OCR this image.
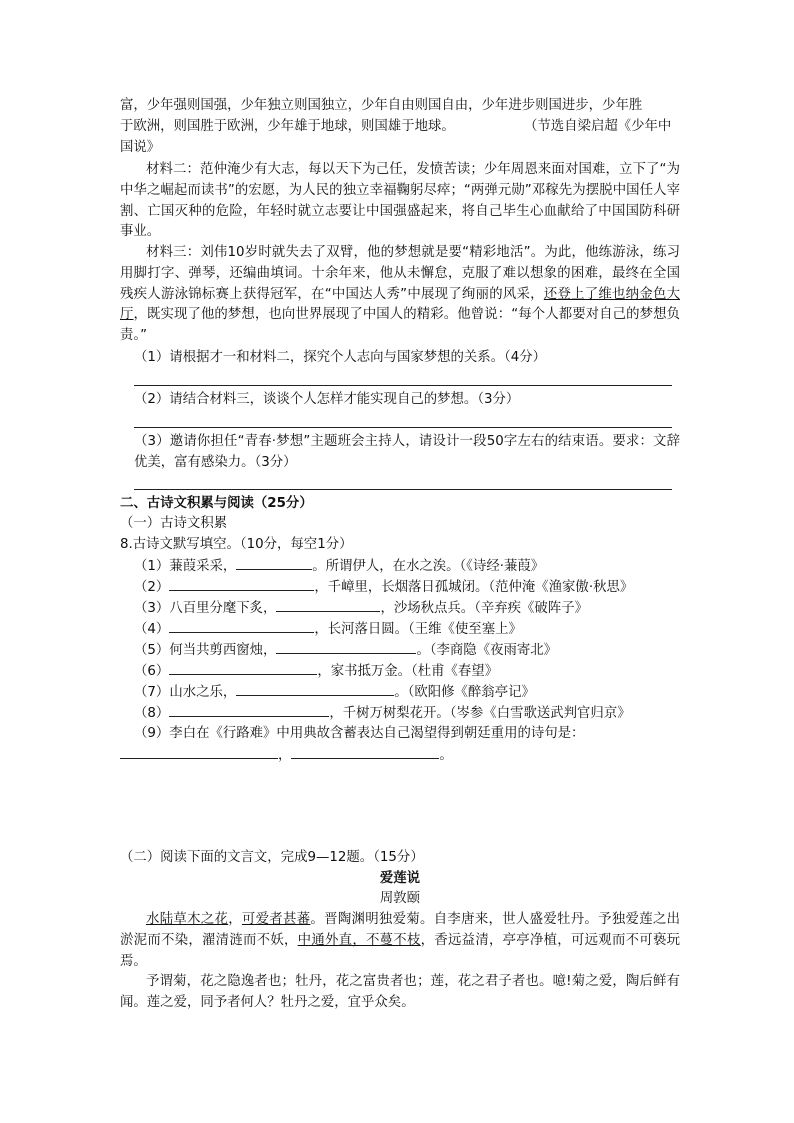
富，少年强则国强，少年独立则国独立，少年自由则国自由，少年进步则国进步，少年胜
于欧洲，则国胜于欧洲，少年雄于地球，则国雄于地球。	（节选自梁启超《少年中
国说》
材料二：范仲淹少有大志，每以天下为己任，发愤苦读；少年周恩来面对国难，立下了“为中华之崛起而读书”的宏愿，为人民的独立幸福鞠躬尽瘁；“两弹元勋”邓稼先为摆脱中国任人宰割、亡国灭种的危险，年轻时就立志要让中国强盛起来，将自己毕生心血献给了中国国防科研事业。
材料三：刘伟10岁时就失去了双臂，他的梦想就是要“精彩地活”。为此，他练游泳，练习用脚打字、弹琴，还编曲填词。十余年来，他从未懈怠，克服了难以想象的困难，最终在全国残疾人游泳锦标赛上获得冠军，在“中国达人秀”中展现了绚丽的风采，还登上了维也纳金色大厅，既实现了他的梦想，也向世界展现了中国人的精彩。他曾说：“每个人都要对自己的梦想负责。”
（1）请根据才一和材料二，探究个人志向与国家梦想的关系。（4分）
（2）请结合材料三，谈谈个人怎样才能实现自己的梦想。（3分）
（3）邀请你担任“青春·梦想”主题班会主持人，请设计一段50字左右的结束语。要求：文辞优美，富有感染力。（3分）
二、古诗文积累与阅读（25分）
（一）古诗文积累
8.古诗文默写填空。（10分，每空1分）
（1）蒹葭采采，	。所谓伊人，在水之涘。（《诗经·蒹葭》
（2）	，千嶂里，长烟落日孤城闭。（范仲淹《渔家傲·秋思》
（3）八百里分麾下炙，	，沙场秋点兵。（辛弃疾《破阵子》
（4）	，长河落日圆。（王维《使至塞上》
（5）何当共剪西窗烛，	。（李商隐《夜雨寄北》
（6）	，家书抵万金。（杜甫《春望》
（7）山水之乐，	。（欧阳修《醉翁亭记》
（8）	，千树万树梨花开。（岑参《白雪歌送武判官归京》
（9）李白在《行路难》中用典故含蓄表达自己渴望得到朝廷重用的诗句是：
，	。
（二）阅读下面的文言文，完成9—12题。（15分）
爱莲说
周敦颐
水陆草木之花，可爱者甚蕃。晋陶渊明独爱菊。自李唐来，世人盛爱牡丹。予独爱莲之出淤泥而不染，濯清涟而不妖，中通外直，不蔓不枝，香远益清，亭亭净植，可远观而不可亵玩焉。
予谓菊，花之隐逸者也；牡丹，花之富贵者也；莲，花之君子者也。噫!菊之爱，陶后鲜有闻。莲之爱，同予者何人？牡丹之爱，宜乎众矣。
